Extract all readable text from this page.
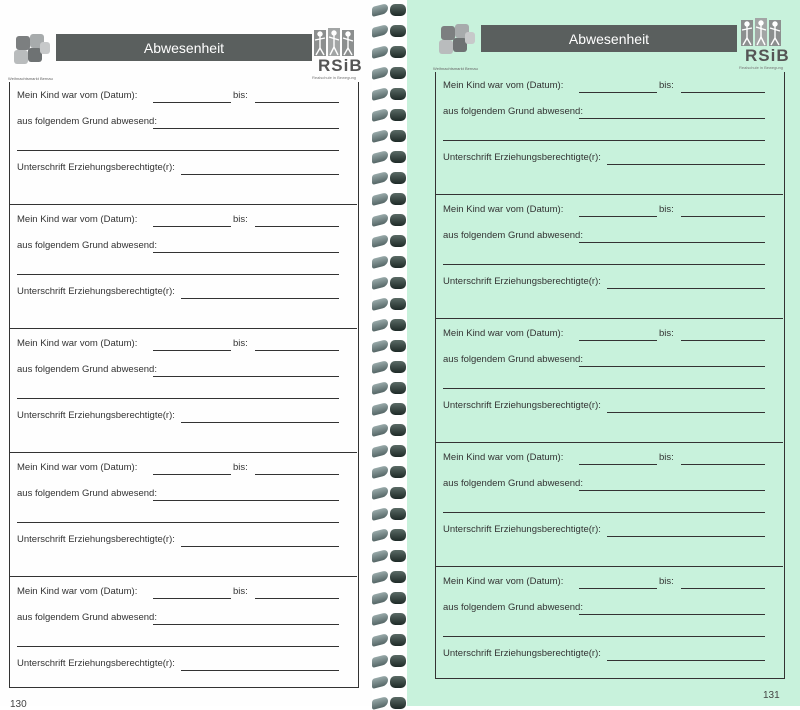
Weihnachtsmarkt Bernau
Abwesenheit
RSiB
Realschule in Bewegung
Mein Kind war vom (Datum):	bis:
aus folgendem Grund abwesend:
Unterschrift Erziehungsberechtigte(r):
Mein Kind war vom (Datum):	bis:
aus folgendem Grund abwesend:
Unterschrift Erziehungsberechtigte(r):
Mein Kind war vom (Datum):	bis:
aus folgendem Grund abwesend:
Unterschrift Erziehungsberechtigte(r):
Mein Kind war vom (Datum):	bis:
aus folgendem Grund abwesend:
Unterschrift Erziehungsberechtigte(r):
Mein Kind war vom (Datum):	bis:
aus folgendem Grund abwesend:
Unterschrift Erziehungsberechtigte(r):
130
Weihnachtsmarkt Bernau
Abwesenheit
RSiB
Realschule in Bewegung
Mein Kind war vom (Datum):	bis:
aus folgendem Grund abwesend:
Unterschrift Erziehungsberechtigte(r):
Mein Kind war vom (Datum):	bis:
aus folgendem Grund abwesend:
Unterschrift Erziehungsberechtigte(r):
Mein Kind war vom (Datum):	bis:
aus folgendem Grund abwesend:
Unterschrift Erziehungsberechtigte(r):
Mein Kind war vom (Datum):	bis:
aus folgendem Grund abwesend:
Unterschrift Erziehungsberechtigte(r):
Mein Kind war vom (Datum):	bis:
aus folgendem Grund abwesend:
Unterschrift Erziehungsberechtigte(r):
131
